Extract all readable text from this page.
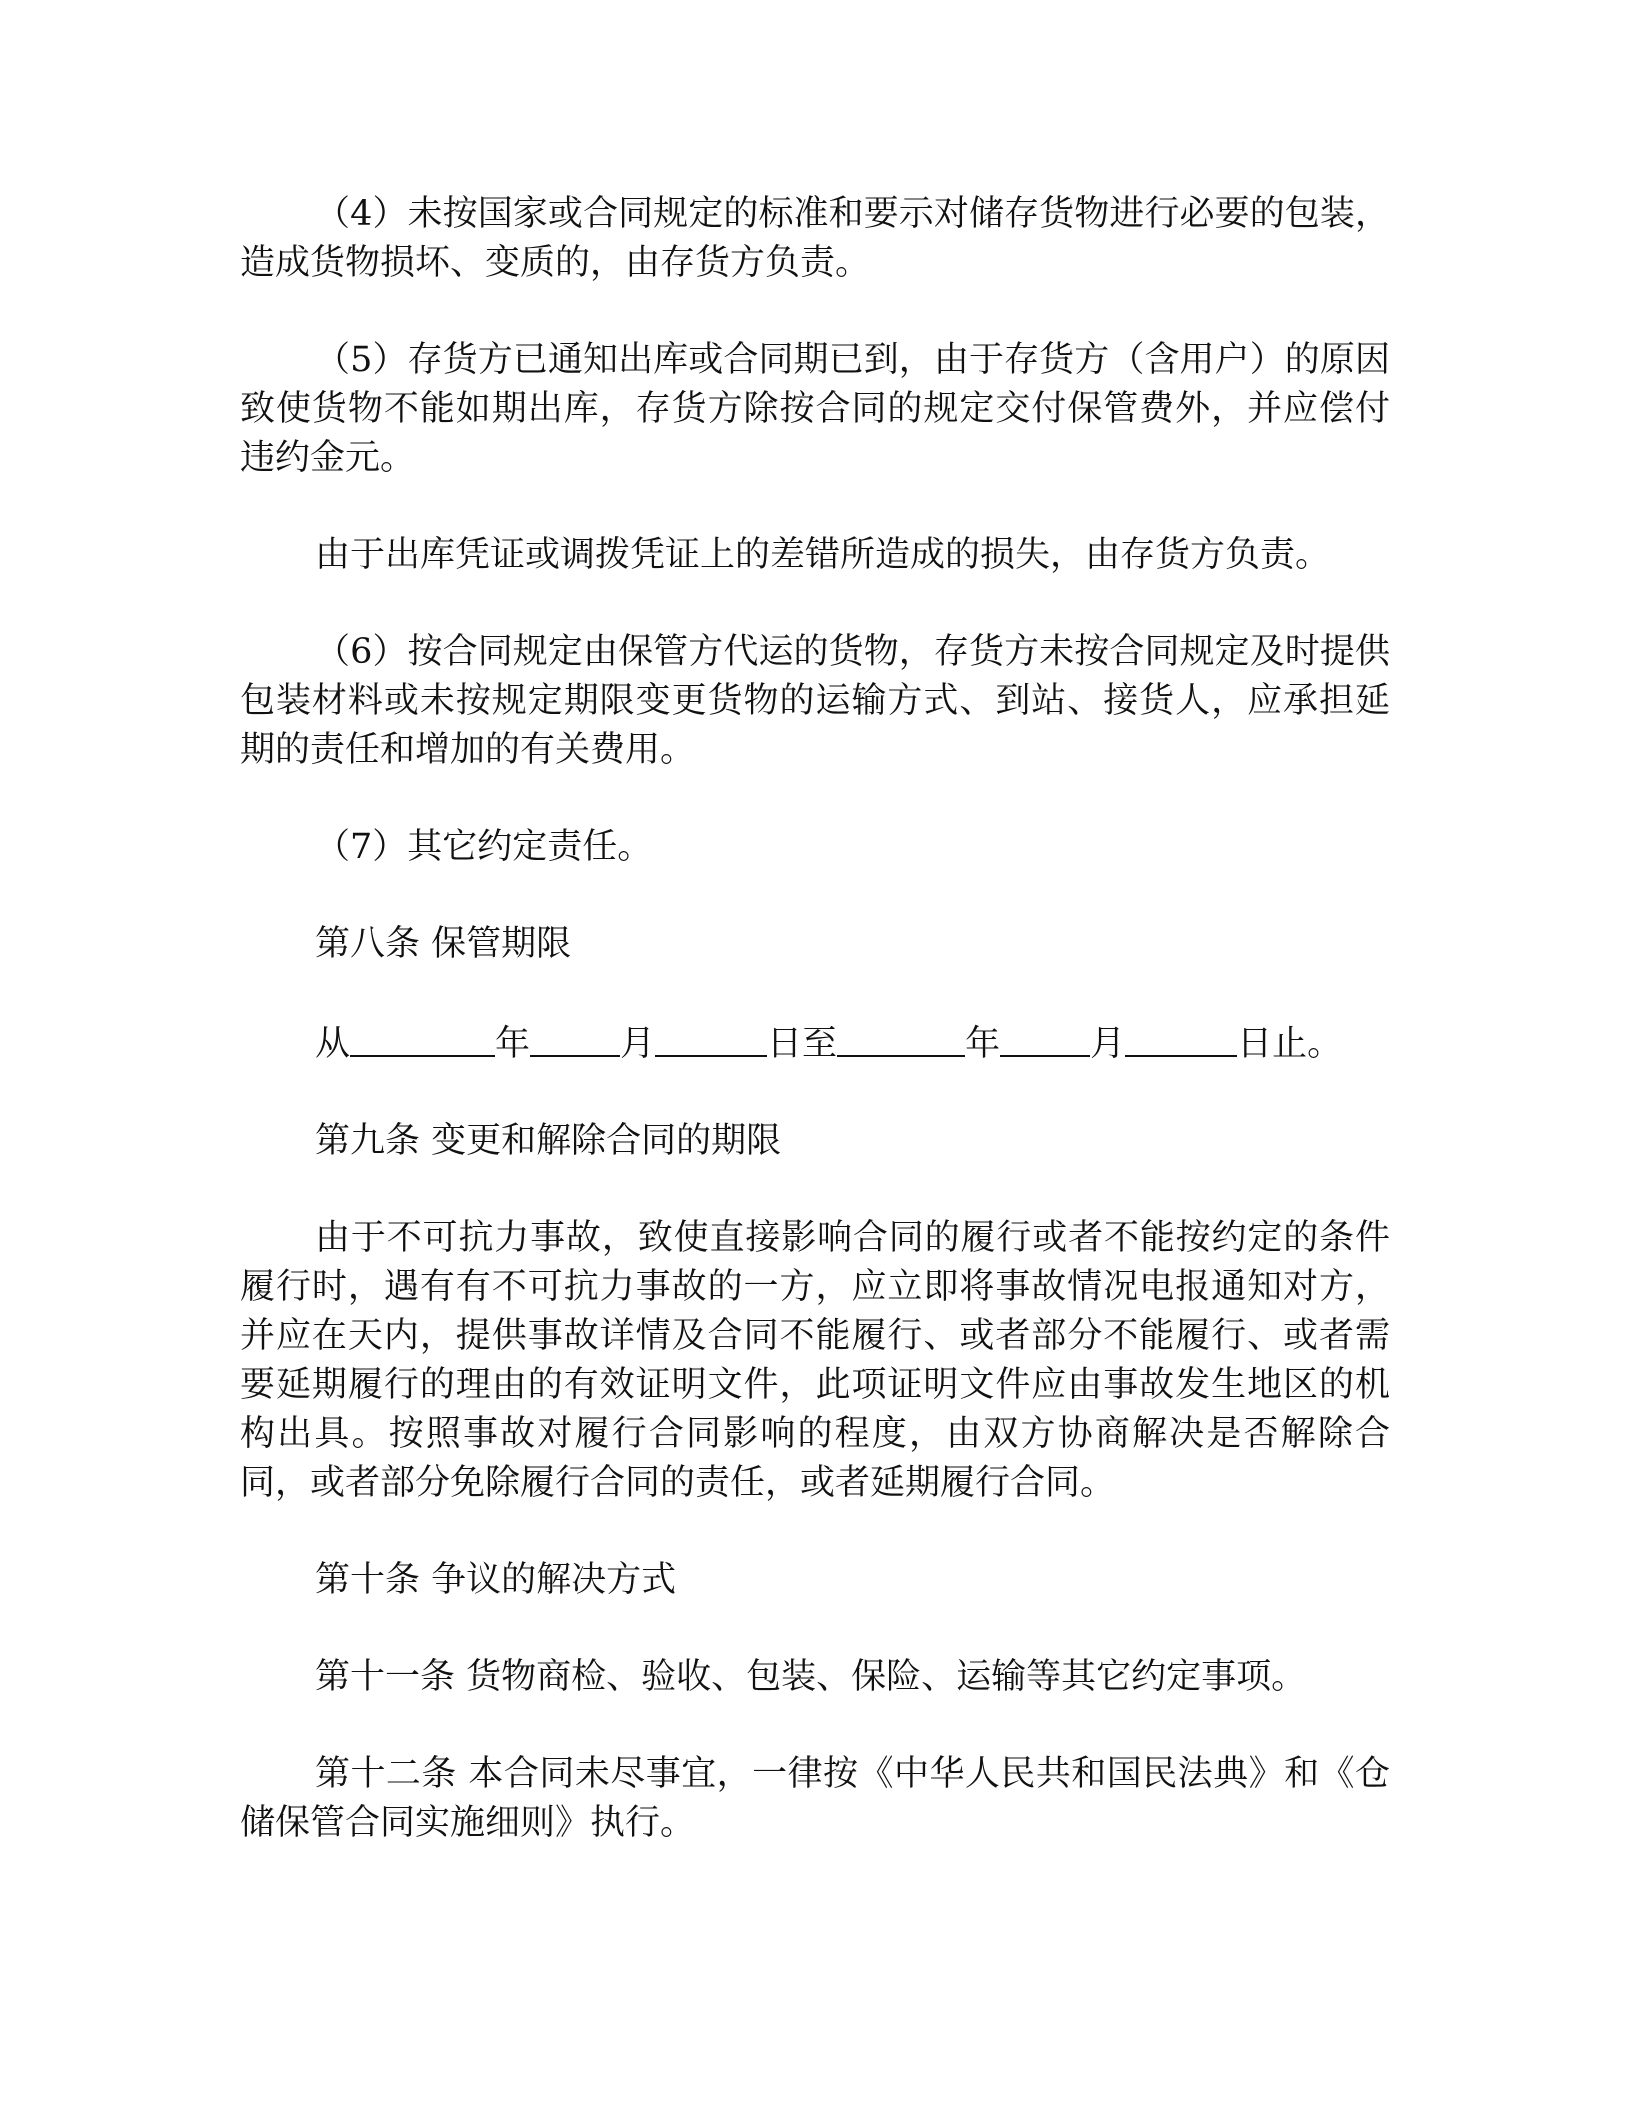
（4）未按国家或合同规定的标准和要示对储存货物进行必要的包装，造成货物损坏、变质的，由存货方负责。

（5）存货方已通知出库或合同期已到，由于存货方（含用户）的原因致使货物不能如期出库，存货方除按合同的规定交付保管费外，并应偿付违约金元。

由于出库凭证或调拨凭证上的差错所造成的损失，由存货方负责。

（6）按合同规定由保管方代运的货物，存货方未按合同规定及时提供包装材料或未按规定期限变更货物的运输方式、到站、接货人，应承担延期的责任和增加的有关费用。

（7）其它约定责任。

第八条 保管期限

从	年	月	日至	年	月	日止。

第九条 变更和解除合同的期限

由于不可抗力事故，致使直接影响合同的履行或者不能按约定的条件履行时，遇有有不可抗力事故的一方，应立即将事故情况电报通知对方，并应在天内，提供事故详情及合同不能履行、或者部分不能履行、或者需要延期履行的理由的有效证明文件，此项证明文件应由事故发生地区的机构出具。按照事故对履行合同影响的程度，由双方协商解决是否解除合同，或者部分免除履行合同的责任，或者延期履行合同。

第十条 争议的解决方式

第十一条 货物商检、验收、包装、保险、运输等其它约定事项。

第十二条 本合同未尽事宜，一律按《中华人民共和国民法典》和《仓储保管合同实施细则》执行。
